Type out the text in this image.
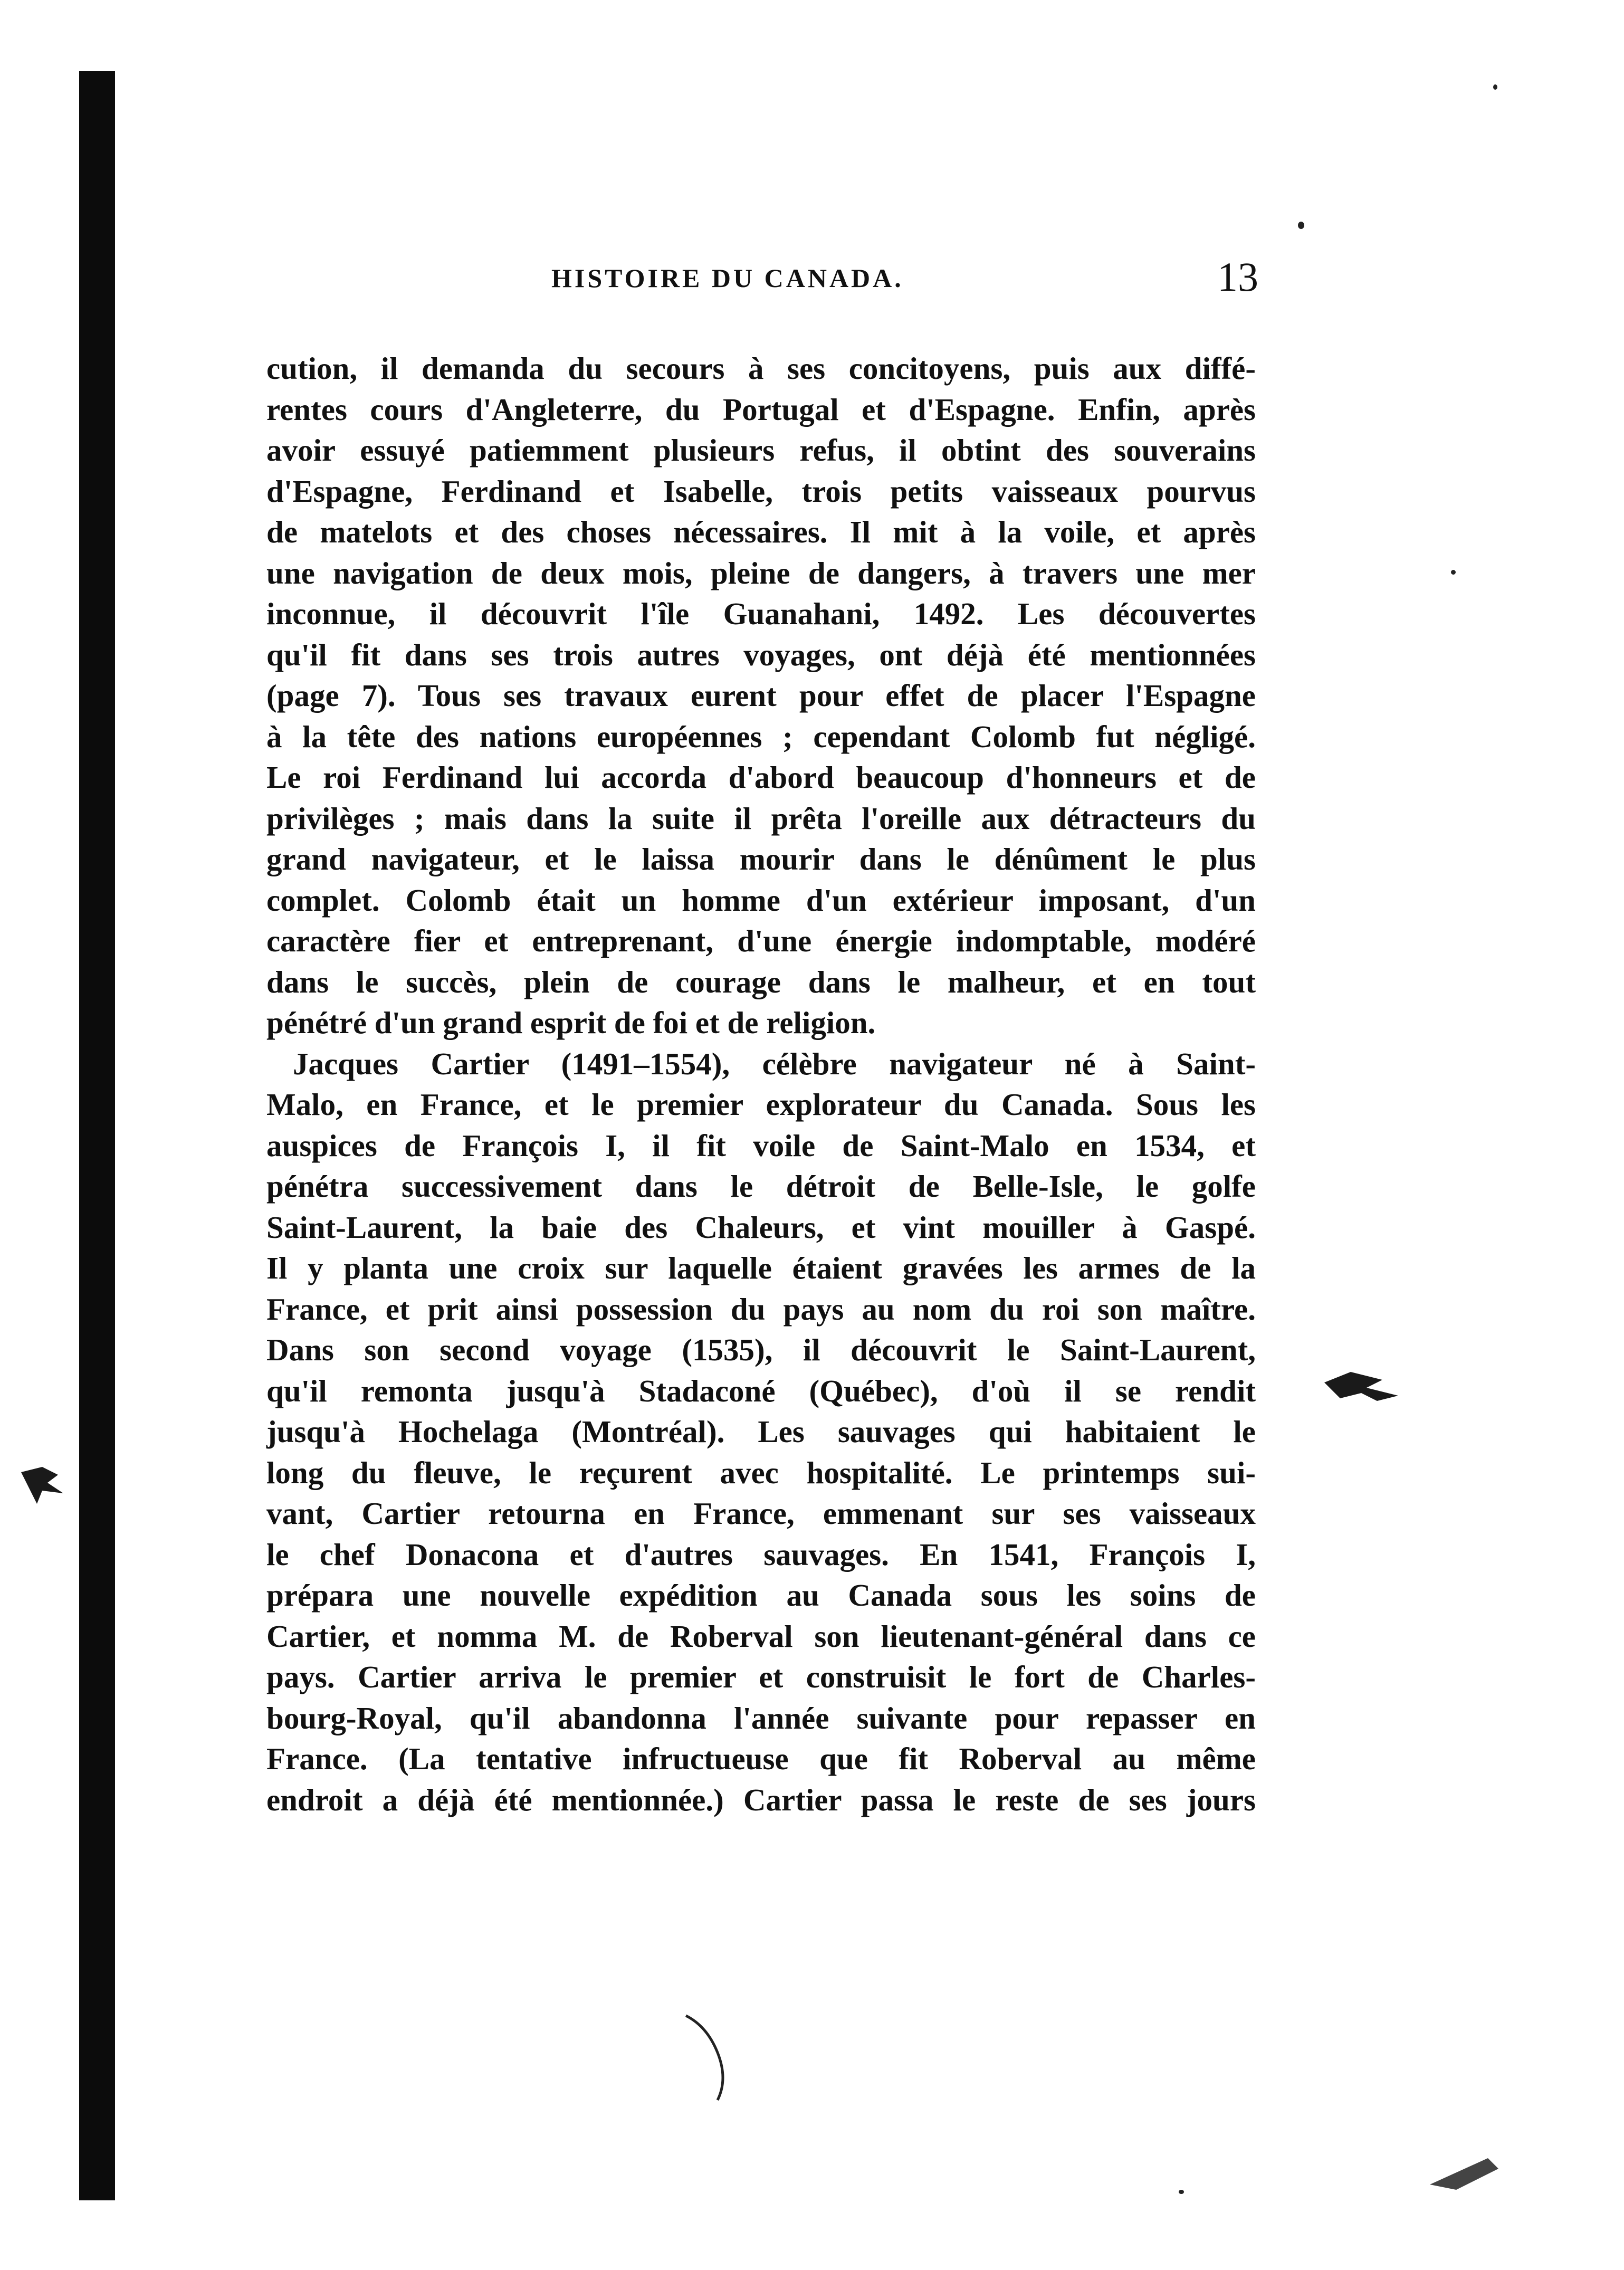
HISTOIRE DU CANADA.	13
cution, il demanda du secours à ses concitoyens, puis aux diffé-
rentes cours d'Angleterre, du Portugal et d'Espagne. Enfin, après
avoir essuyé patiemment plusieurs refus, il obtint des souverains
d'Espagne, Ferdinand et Isabelle, trois petits vaisseaux pourvus
de matelots et des choses nécessaires. Il mit à la voile, et après
une navigation de deux mois, pleine de dangers, à travers une mer
inconnue, il découvrit l'île Guanahani, 1492. Les découvertes
qu'il fit dans ses trois autres voyages, ont déjà été mentionnées
(page 7). Tous ses travaux eurent pour effet de placer l'Espagne
à la tête des nations européennes ; cependant Colomb fut négligé.
Le roi Ferdinand lui accorda d'abord beaucoup d'honneurs et de
privilèges ; mais dans la suite il prêta l'oreille aux détracteurs du
grand navigateur, et le laissa mourir dans le dénûment le plus
complet. Colomb était un homme d'un extérieur imposant, d'un
caractère fier et entreprenant, d'une énergie indomptable, modéré
dans le succès, plein de courage dans le malheur, et en tout
pénétré d'un grand esprit de foi et de religion.
Jacques Cartier (1491–1554), célèbre navigateur né à Saint-
Malo, en France, et le premier explorateur du Canada. Sous les
auspices de François I, il fit voile de Saint-Malo en 1534, et
pénétra successivement dans le détroit de Belle-Isle, le golfe
Saint-Laurent, la baie des Chaleurs, et vint mouiller à Gaspé.
Il y planta une croix sur laquelle étaient gravées les armes de la
France, et prit ainsi possession du pays au nom du roi son maître.
Dans son second voyage (1535), il découvrit le Saint-Laurent,
qu'il remonta jusqu'à Stadaconé (Québec), d'où il se rendit
jusqu'à Hochelaga (Montréal). Les sauvages qui habitaient le
long du fleuve, le reçurent avec hospitalité. Le printemps sui-
vant, Cartier retourna en France, emmenant sur ses vaisseaux
le chef Donacona et d'autres sauvages. En 1541, François I,
prépara une nouvelle expédition au Canada sous les soins de
Cartier, et nomma M. de Roberval son lieutenant-général dans ce
pays. Cartier arriva le premier et construisit le fort de Charles-
bourg-Royal, qu'il abandonna l'année suivante pour repasser en
France. (La tentative infructueuse que fit Roberval au même
endroit a déjà été mentionnée.) Cartier passa le reste de ses jours
